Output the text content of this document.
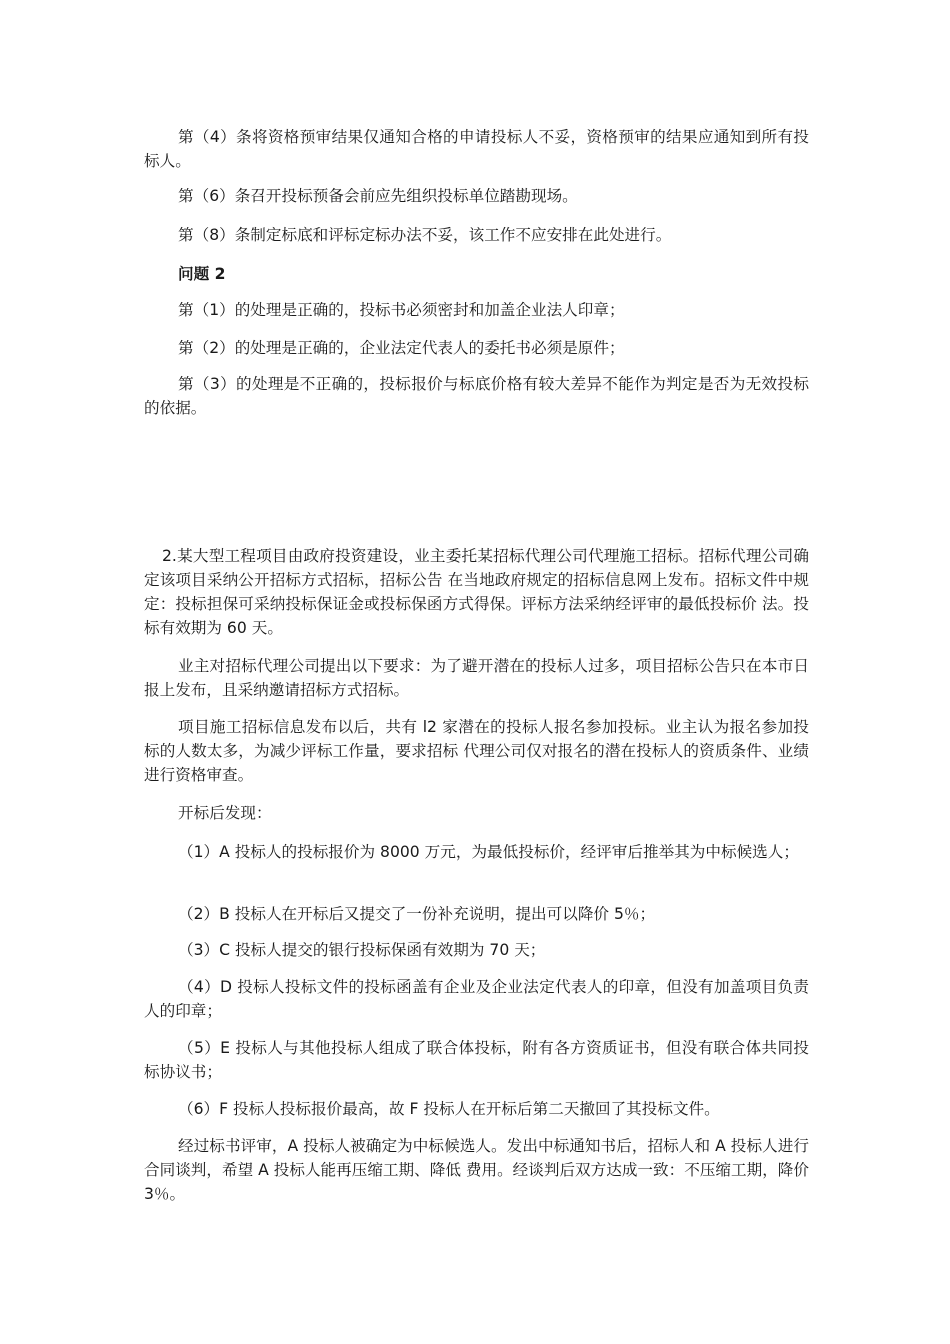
第（4）条将资格预审结果仅通知合格的申请投标人不妥，资格预审的结果应通知到所有投标人。

第（6）条召开投标预备会前应先组织投标单位踏勘现场。

第（8）条制定标底和评标定标办法不妥，该工作不应安排在此处进行。

问题 2

第（1）的处理是正确的，投标书必须密封和加盖企业法人印章；

第（2）的处理是正确的，企业法定代表人的委托书必须是原件；

第（3）的处理是不正确的，投标报价与标底价格有较大差异不能作为判定是否为无效投标的依据。

2.某大型工程项目由政府投资建设，业主委托某招标代理公司代理施工招标。招标代理公司确定该项目采纳公开招标方式招标，招标公告 在当地政府规定的招标信息网上发布。招标文件中规定：投标担保可采纳投标保证金或投标保函方式得保。评标方法采纳经评审的最低投标价 法。投标有效期为 60 天。

业主对招标代理公司提出以下要求：为了避开潜在的投标人过多，项目招标公告只在本市日报上发布，且采纳邀请招标方式招标。

项目施工招标信息发布以后，共有 l2 家潜在的投标人报名参加投标。业主认为报名参加投标的人数太多，为减少评标工作量，要求招标 代理公司仅对报名的潜在投标人的资质条件、业绩进行资格审查。

开标后发现：

（1）A 投标人的投标报价为 8000 万元，为最低投标价，经评审后推举其为中标候选人；

（2）B 投标人在开标后又提交了一份补充说明，提出可以降价 5％；

（3）C 投标人提交的银行投标保函有效期为 70 天；

（4）D 投标人投标文件的投标函盖有企业及企业法定代表人的印章，但没有加盖项目负责人的印章；

（5）E 投标人与其他投标人组成了联合体投标，附有各方资质证书，但没有联合体共同投标协议书；

（6）F 投标人投标报价最高，故 F 投标人在开标后第二天撤回了其投标文件。

经过标书评审，A 投标人被确定为中标候选人。发出中标通知书后，招标人和 A 投标人进行合同谈判，希望 A 投标人能再压缩工期、降低 费用。经谈判后双方达成一致：不压缩工期，降价 3％。
